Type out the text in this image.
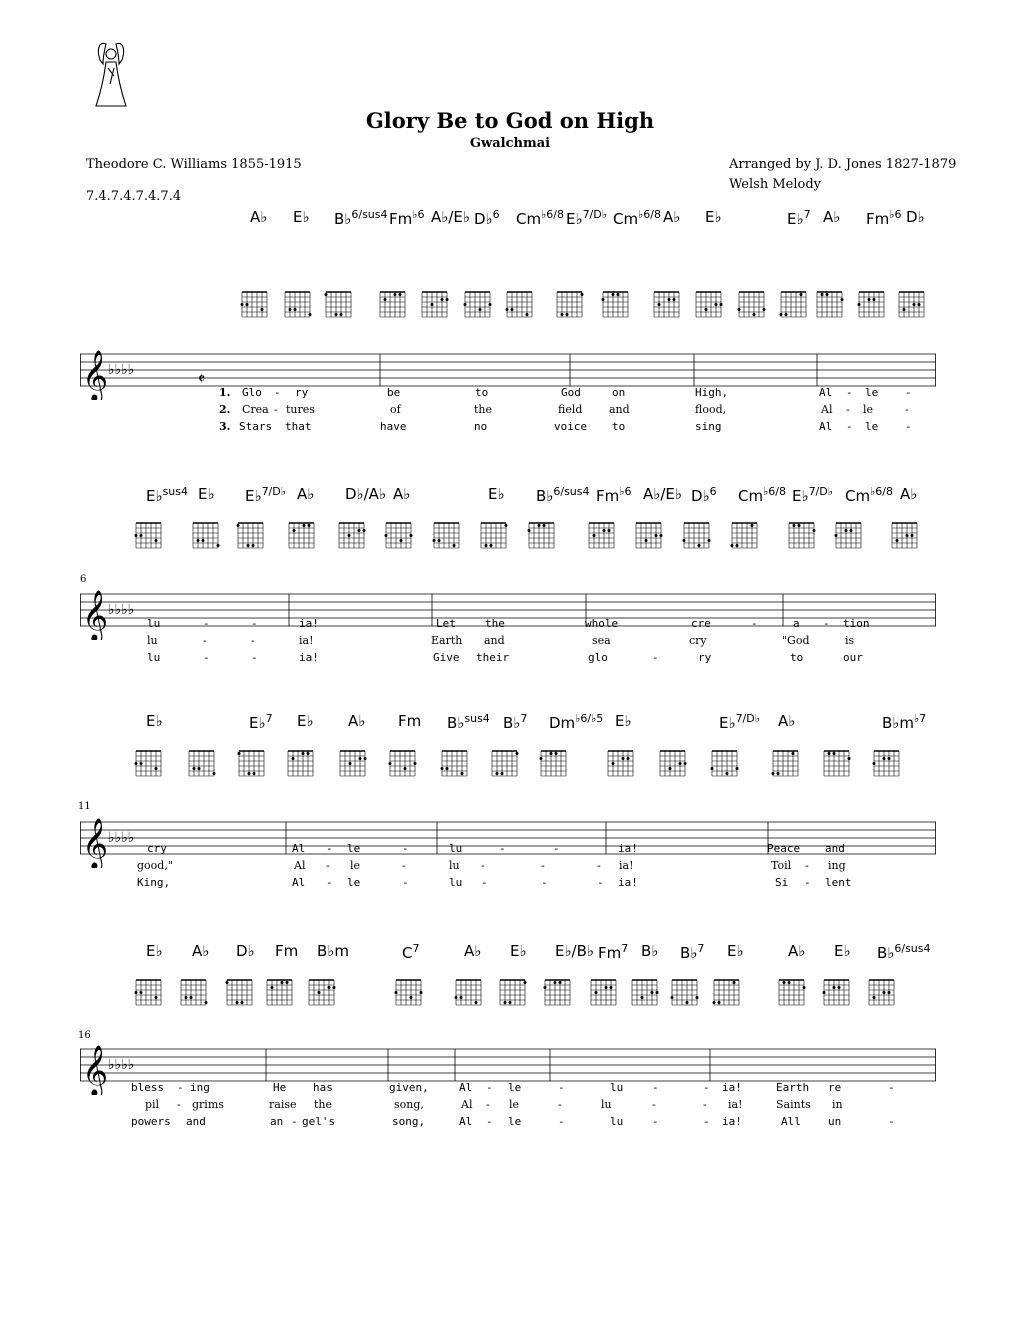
Glory Be to God on High
Gwalchmai
Theodore C. Williams 1855-1915
7.4.7.4.7.4.7.4
Arranged by J. D. Jones 1827-1879
Welsh Melody
A♭ E♭ B♭$^{6/sus4}$ $Fm^{♭6}$ A♭/E♭ D♭$^6$ $Cm^{♭6/8}$ E♭$^{7/D♭}$ $Cm^{♭6/8}$ A♭ E♭	E♭$^7$ A♭ $Fm^{♭6}$ D♭
𝄞 ♭♭♭♭	𝄵
1. Glo - ry	be	to	God	on	High,	Al - le -
2. Crea - tures	of	the	field and	flood,	Al - le	-
3. Stars that	have	no	voice to	sing	Al - le -
E♭$^{sus4}$ E♭ E♭$^{7/D♭}$ A♭ D♭/A♭ A♭	E♭ B♭$^{6/sus4}$ $Fm^{♭6}$ A♭/E♭ D♭$^6$ $Cm^{♭6/8}$ E♭$^{7/D♭}$ $Cm^{♭6/8}$ A♭
𝄞 ♭♭♭♭
lu	-	-	ia!	Let	the	whole	cre	-	a - tion
lu	-	-	ia!	Earth and	sea	cry	"God	is
lu	-	-	ia!	Give their	glo	-	ry	to	our
E♭	E♭$^7$ E♭ A♭ Fm B♭$^{sus4}$ B♭$^7$ $Dm^{♭6/♭5}$ E♭	E♭$^{7/D♭}$ A♭	$B♭m^{♭7}$
𝄞 ♭♭♭♭
cry	Al - le	-	lu	-	-	ia!	Peace and
good,"	Al - le	-	lu -	-	- ia!	Toil - ing
King,	Al - le	-	lu -	-	- ia!	Si - lent
E♭ A♭ D♭ Fm B♭m	$C^7$	A♭ E♭ E♭/B♭ Fm$^7$ B♭ B♭$^7$ E♭	A♭ E♭ B♭$^{6/sus4}$
𝄞 ♭♭♭♭
bless - ing	He has	given,	Al - le	-	lu	-	- ia!	Earth re	-
pil - grims	raise the	song,	Al - le	-	lu	-	- ia!	Saints in
powers and	an - gel's	song,	Al - le	-	lu	-	- ia!	All un	-
6
11
16
